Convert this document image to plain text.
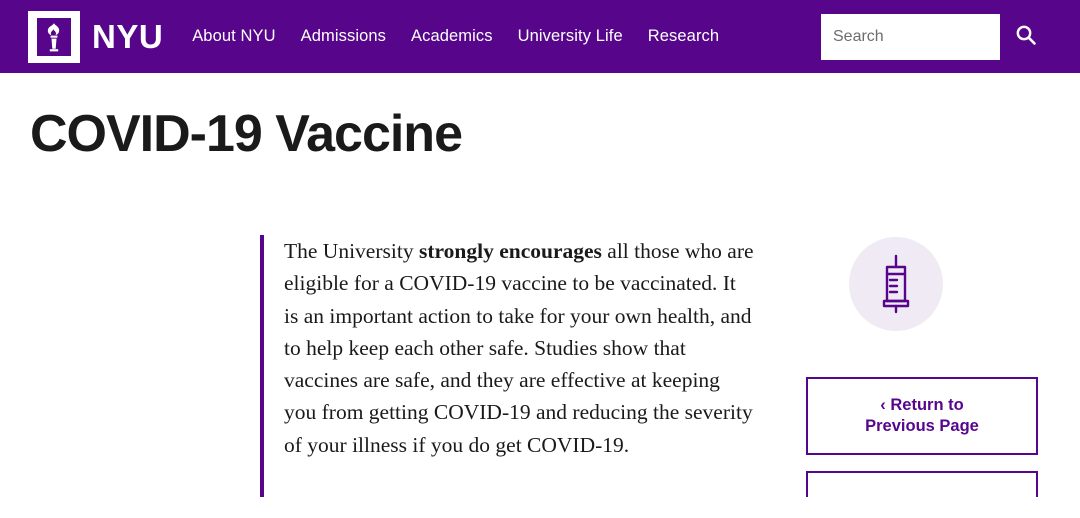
NYU About NYU Admissions Academics University Life Research
Search
COVID-19 Vaccine

The University strongly encourages all those who are eligible for a COVID-19 vaccine to be vaccinated. It is an important action to take for your own health, and to help keep each other safe. Studies show that vaccines are safe, and they are effective at keeping you from getting COVID-19 and reducing the severity of your illness if you do get COVID-19.

‹ Return to
Previous Page
